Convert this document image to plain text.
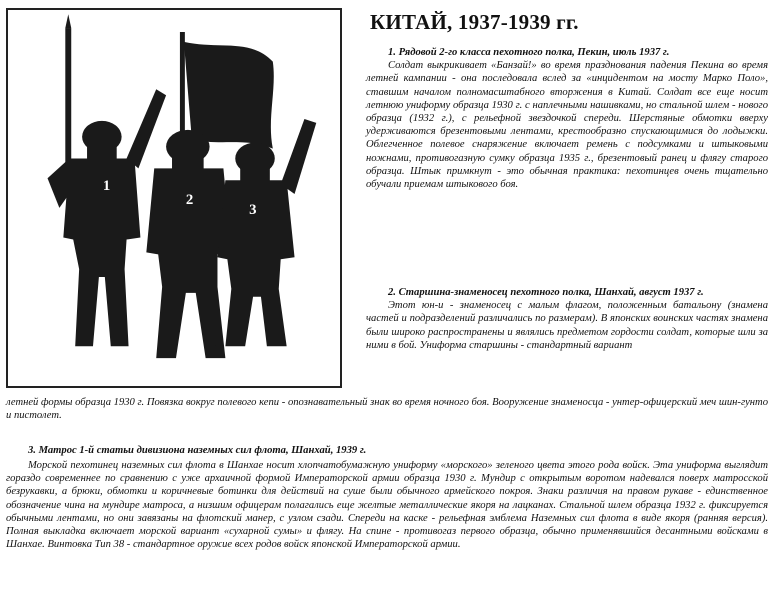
1
2
3
КИТАЙ, 1937-1939 гг.

1. Рядовой 2-го класса пехотного полка, Пекин, июль 1937 г.

Солдат выкрикивает «Банзай!» во время празднования падения Пекина во время летней кампании - она последовала вслед за «инцидентом на мосту Марко Поло», ставшим началом полномасштабного вторжения в Китай. Солдат все еще носит летнюю униформу образца 1930 г. с наплечными нашивками, но стальной шлем - нового образца (1932 г.), с рельефной звездочкой спереди. Шерстяные обмотки вверху удерживаются брезентовыми лентами, крестообразно спускающимися до лодыжки. Облегченное полевое снаряжение включает ремень с подсумками и штыковыми ножнами, противогазную сумку образца 1935 г., брезентовый ранец и флягу старого образца. Штык примкнут - это обычная практика: пехотинцев очень тщательно обучали приемам штыкового боя.

2. Старшина-знаменосец пехотного полка, Шанхай, август 1937 г.

Этот юн-и - знаменосец с малым флагом, положенным батальону (знамена частей и подразделений различались по размерам). В японских воинских частях знамена были широко распространены и являлись предметом гордости солдат, которые шли за ними в бой. Униформа старшины - стандартный вариант

летней формы образца 1930 г. Повязка вокруг полевого кепи - опознавательный знак во время ночного боя. Вооружение знаменосца - унтер-офицерский меч шин-гунто и пистолет.

3. Матрос 1-й статьи дивизиона наземных сил флота, Шанхай, 1939 г.

Морской пехотинец наземных сил флота в Шанхае носит хлопчатобумажную униформу «морского» зеленого цвета этого рода войск. Эта униформа выглядит гораздо современнее по сравнению с уже архаичной формой Императорской армии образца 1930 г. Мундир с открытым воротом надевался поверх матросской безрукавки, а брюки, обмотки и коричневые ботинки для действий на суше были обычного армейского покроя. Знаки различия на правом рукаве - единственное обозначение чина на мундире матроса, а низшим офицерам полагались еще желтые металлические якоря на лацканах. Стальной шлем образца 1932 г. фиксируется обычными лентами, но они завязаны на флотский манер, с узлом сзади. Спереди на каске - рельефная эмблема Наземных сил флота в виде якоря (ранняя версия). Полная выкладка включает морской вариант «сухарной сумы» и флягу. На спине - противогаз первого образца, обычно применявшийся десантными войсками в Шанхае. Винтовка Тип 38 - стандартное оружие всех родов войск японской Императорской армии.
